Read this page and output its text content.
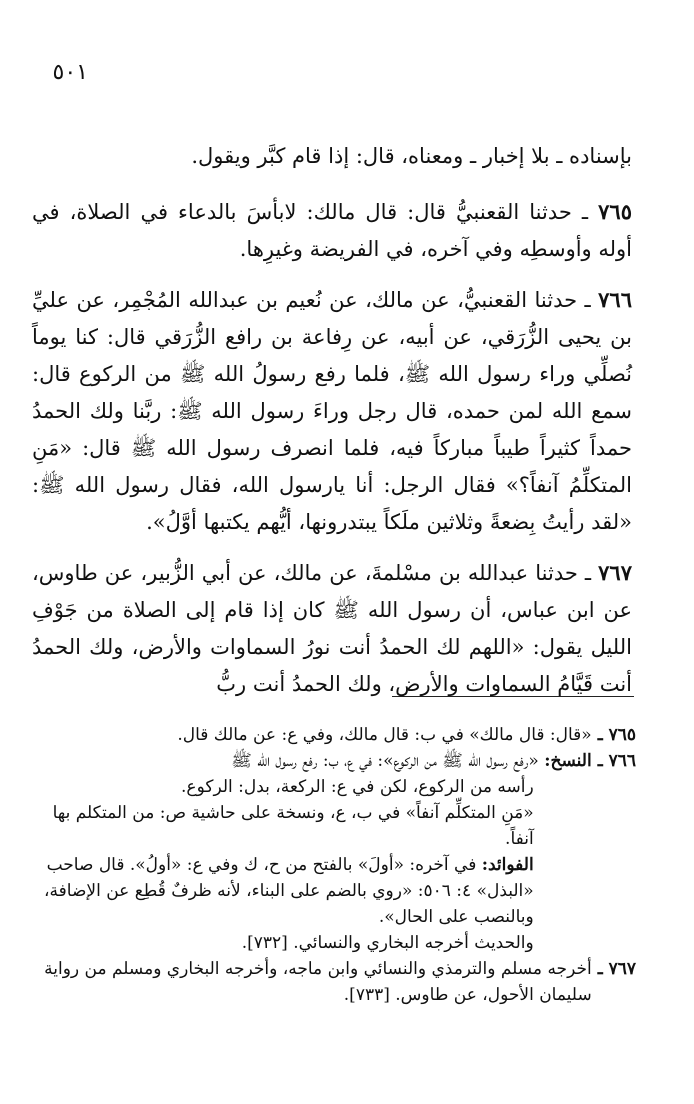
٥٠١

بإسناده ـ بلا إخبار ـ ومعناه، قال: إذا قام كبَّر ويقول.

٧٦٥ ـ حدثنا القعنبيُّ قال: قال مالك: لابأسَ بالدعاء في الصلاة، في أوله وأوسطِه وفي آخره، في الفريضة وغيرِها.

٧٦٦ ـ حدثنا القعنبيُّ، عن مالك، عن نُعيم بن عبدالله المُجْمِر، عن عليِّ بن يحيى الزُّرَقي، عن أبيه، عن رِفاعة بن رافع الزُّرَقي قال: كنا يوماً نُصلِّي وراء رسول الله ﷺ، فلما رفع رسولُ الله ﷺ من الركوع قال: سمع الله لمن حمده، قال رجل وراءَ رسول الله ﷺ: ربَّنا ولك الحمدُ حمداً كثيراً طيباً مباركاً فيه، فلما انصرف رسول الله ﷺ قال: «مَنِ المتكلِّمُ آنفاً؟» فقال الرجل: أنا يارسول الله، فقال رسول الله ﷺ: «لقد رأيتُ بِضعةً وثلاثين ملَكاً يبتدرونها، أيُّهم يكتبها أوَّلُ».

٧٦٧ ـ حدثنا عبدالله بن مسْلمةَ، عن مالك، عن أبي الزُّبير، عن طاوس، عن ابن عباس، أن رسول الله ﷺ كان إذا قام إلى الصلاة من جَوْفِ الليل يقول: «اللهم لك الحمدُ أنت نورُ السماوات والأرض، ولك الحمدُ أنت قَيَّامُ السماوات والأرض، ولك الحمدُ أنت ربُّ

٧٦٥ ـ
«قال: قال مالك» في ب: قال مالك، وفي ع: عن مالك قال.
٧٦٦ ـ
النسخ: «رفع رسول الله ﷺ من الركوع»: في ع، ب: رفع رسول الله ﷺ
رأسه من الركوع، لكن في ع: الركعة، بدل: الركوع.
«مَنِ المتكلِّم آنفاً» في ب، ع، ونسخة على حاشية ص: من المتكلم بها آنفاً.
الفوائد: في آخره: «أولَ» بالفتح من ح، ك وفي ع: «أولُ». قال صاحب «البذل» ٤: ٥٠٦: «روي بالضم على البناء، لأنه ظرفٌ قُطِع عن الإضافة، وبالنصب على الحال».
والحديث أخرجه البخاري والنسائي. [٧٣٢].
٧٦٧ ـ
أخرجه مسلم والترمذي والنسائي وابن ماجه، وأخرجه البخاري ومسلم من رواية سليمان الأحول، عن طاوس. [٧٣٣].
